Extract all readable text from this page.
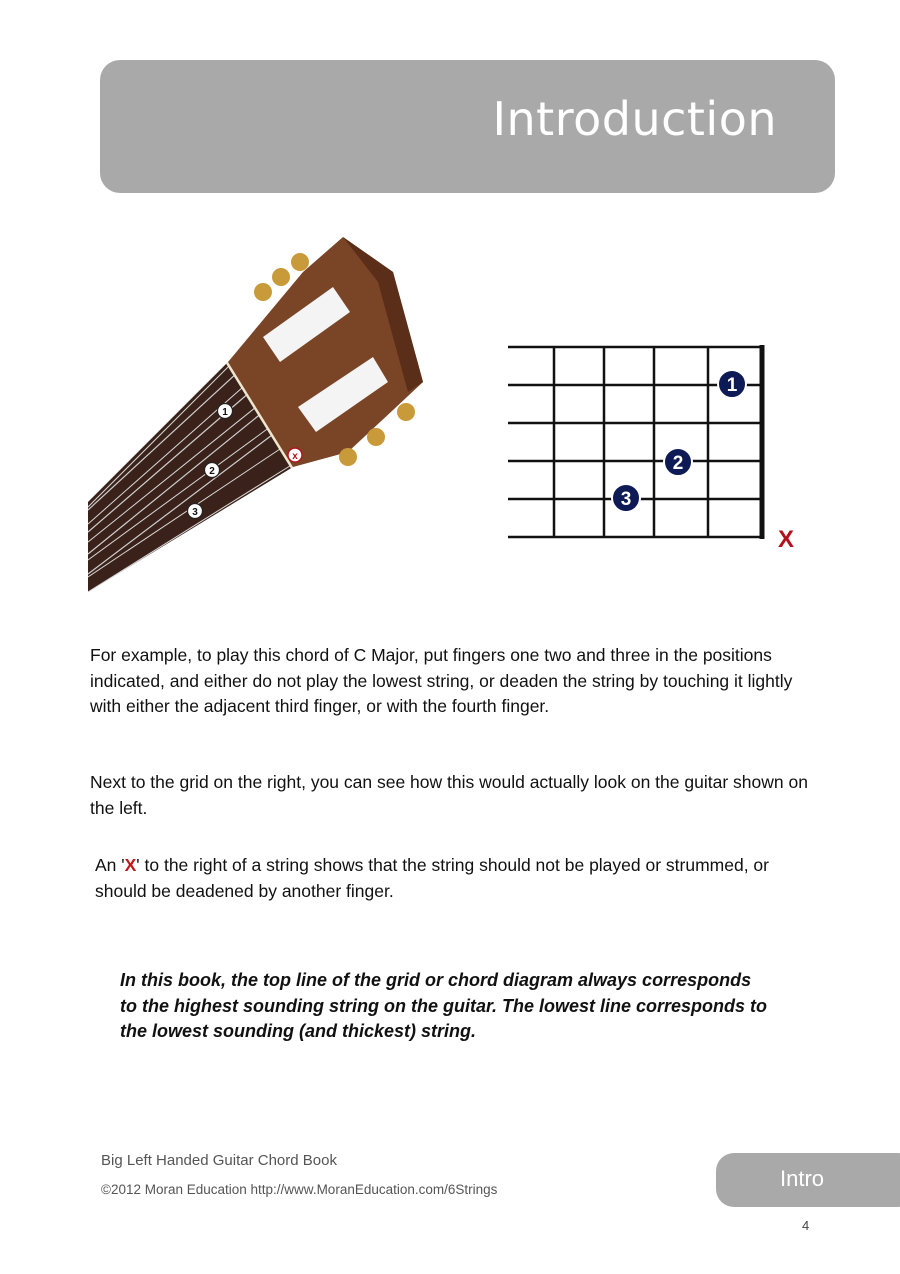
Introduction
1
2
3
x
1
2
3
X

For example, to play this chord of C Major, put fingers one two and three in the positions indicated, and either do not play the lowest string, or deaden the string by touching it lightly with either the adjacent third finger, or with the fourth finger.

Next to the grid on the right, you can see how this would actually look on the guitar shown on the left.

An 'X' to the right of a string shows that the string should not be played or strummed, or should be deadened by another finger.

In this book, the top line of the grid or chord diagram always corresponds to the highest sounding string on the guitar. The lowest line corresponds to the lowest sounding (and thickest) string.

Big Left Handed Guitar Chord Book
©2012 Moran Education http://www.MoranEducation.com/6Strings	Intro
4
